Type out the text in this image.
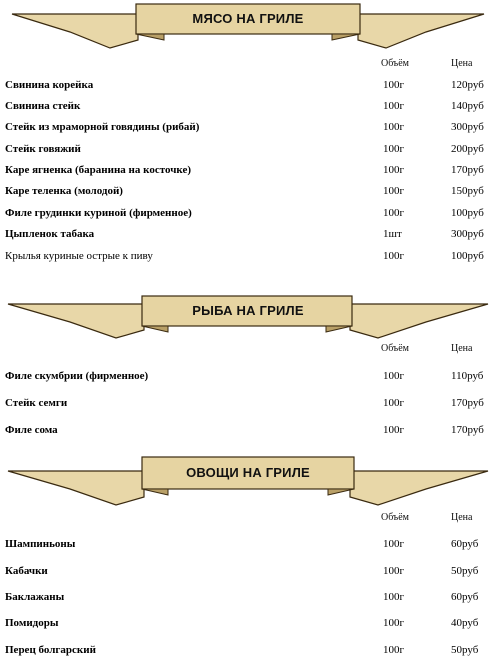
МЯСО НА ГРИЛЕ
Объём	Цена
Свинина корейка	100г	120руб
Свинина стейк	100г	140руб
Стейк из мраморной говядины (рибай)	100г	300руб
Стейк говяжий	100г	200руб
Каре ягненка (баранина на косточке)	100г	170руб
Каре теленка (молодой)	100г	150руб
Филе грудинки куриной (фирменное)	100г	100руб
Цыпленок табака	1шт	300руб
Крылья куриные острые к пиву	100г	100руб
РЫБА НА ГРИЛЕ
Объём	Цена
Филе скумбрии (фирменное)	100г	110руб
Стейк семги	100г	170руб
Филе сома	100г	170руб
ОВОЩИ НА ГРИЛЕ
Объём	Цена
Шампиньоны	100г	60руб
Кабачки	100г	50руб
Баклажаны	100г	60руб
Помидоры	100г	40руб
Перец болгарский	100г	50руб
